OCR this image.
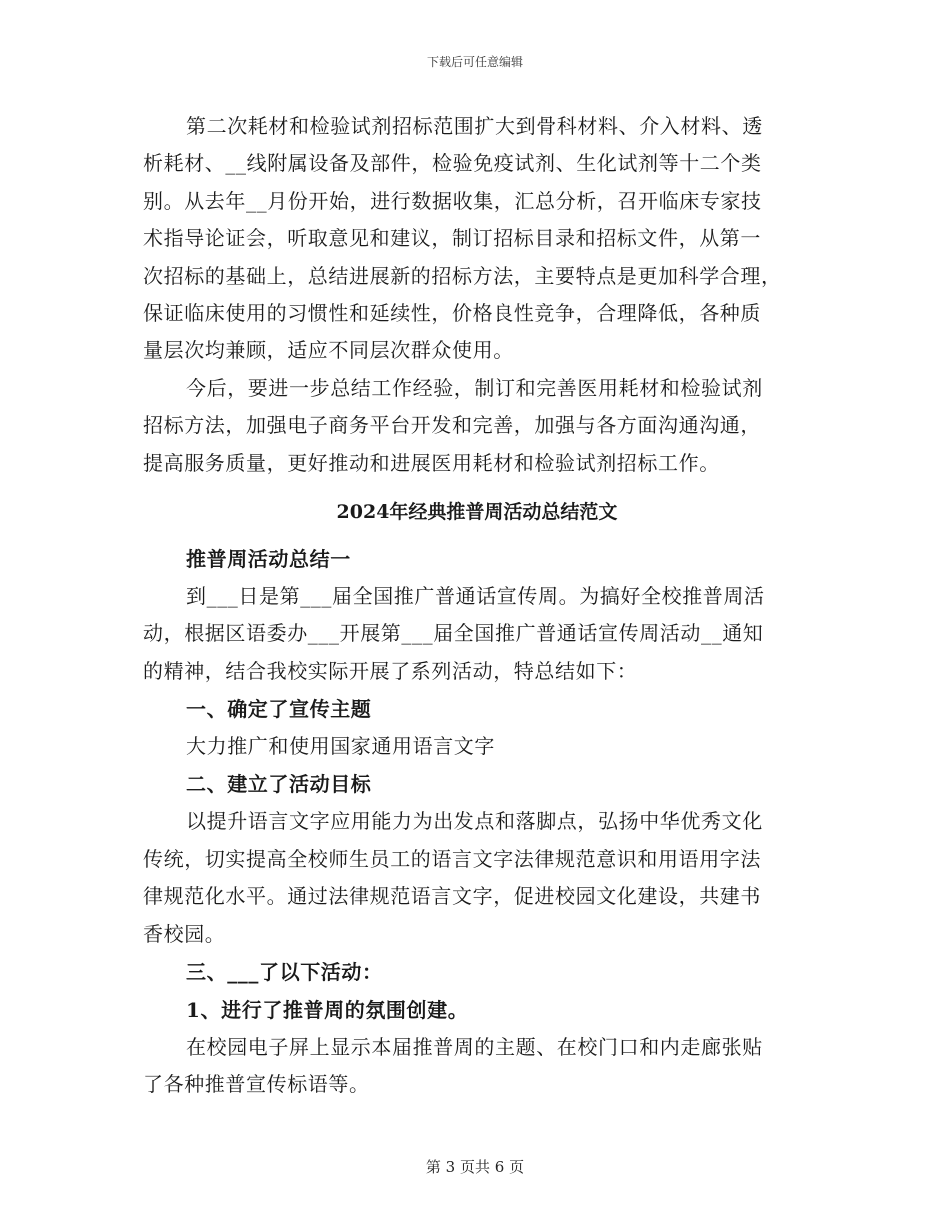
下载后可任意编辑
第二次耗材和检验试剂招标范围扩大到骨科材料、介入材料、透
析耗材、__线附属设备及部件，检验免疫试剂、生化试剂等十二个类
别。从去年__月份开始，进行数据收集，汇总分析，召开临床专家技
术指导论证会，听取意见和建议，制订招标目录和招标文件，从第一
次招标的基础上，总结进展新的招标方法，主要特点是更加科学合理，
保证临床使用的习惯性和延续性，价格良性竞争，合理降低，各种质
量层次均兼顾，适应不同层次群众使用。
今后，要进一步总结工作经验，制订和完善医用耗材和检验试剂
招标方法，加强电子商务平台开发和完善，加强与各方面沟通沟通，
提高服务质量，更好推动和进展医用耗材和检验试剂招标工作。
2024年经典推普周活动总结范文
推普周活动总结一
到___日是第___届全国推广普通话宣传周。为搞好全校推普周活
动，根据区语委办___开展第___届全国推广普通话宣传周活动__通知
的精神，结合我校实际开展了系列活动，特总结如下：
一、确定了宣传主题
大力推广和使用国家通用语言文字
二、建立了活动目标
以提升语言文字应用能力为出发点和落脚点，弘扬中华优秀文化
传统，切实提高全校师生员工的语言文字法律规范意识和用语用字法
律规范化水平。通过法律规范语言文字，促进校园文化建设，共建书
香校园。
三、___了以下活动：
1、进行了推普周的氛围创建。
在校园电子屏上显示本届推普周的主题、在校门口和内走廊张贴
了各种推普宣传标语等。
第 3 页共 6 页
